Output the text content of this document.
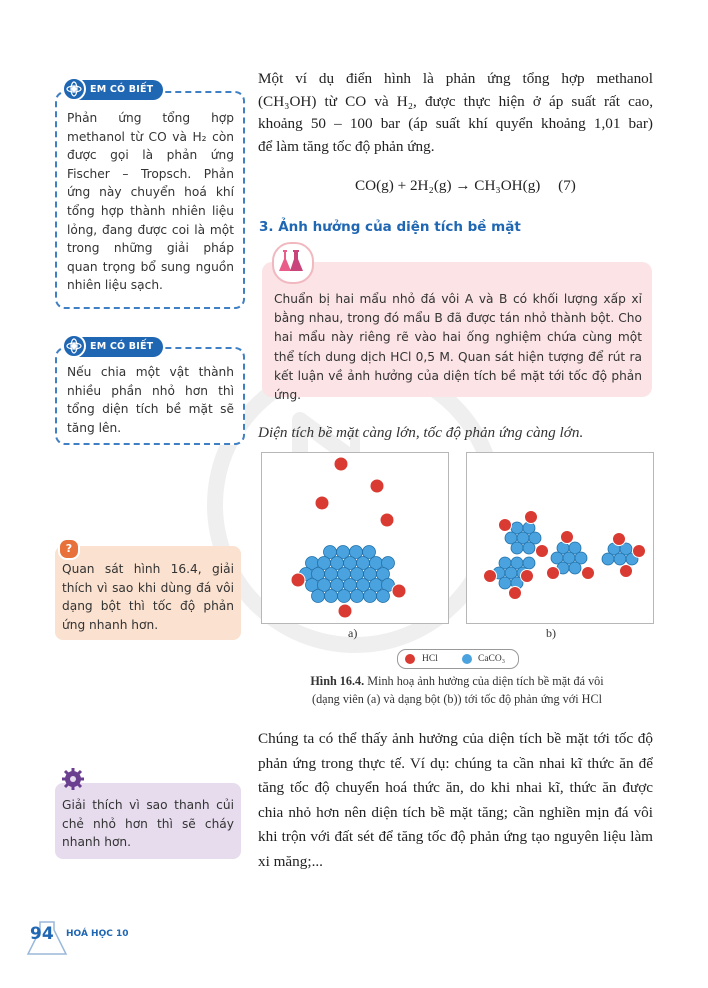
Phản ứng tổng hợp methanol từ CO và H₂ còn được gọi là phản ứng Fischer – Tropsch. Phản ứng này chuyển hoá khí tổng hợp thành nhiên liệu lỏng, đang được coi là một trong những giải pháp quan trọng bổ sung nguồn nhiên liệu sạch.
EM CÓ BIẾT
Nếu chia một vật thành nhiều phần nhỏ hơn thì tổng diện tích bề mặt sẽ tăng lên.
EM CÓ BIẾT
Quan sát hình 16.4, giải thích vì sao khi dùng đá vôi dạng bột thì tốc độ phản ứng nhanh hơn.
?
Giải thích vì sao thanh củi chẻ nhỏ hơn thì sẽ cháy nhanh hơn.
Một ví dụ điển hình là phản ứng tổng hợp methanol
(CH₃OH) từ CO và H₂, được thực hiện ở áp suất rất cao,
khoảng 50 – 100 bar (áp suất khí quyển khoảng 1,01 bar)
để làm tăng tốc độ phản ứng.
CO(g) + 2H₂(g) → CH₃OH(g) (7)
3. Ảnh hưởng của diện tích bề mặt
Chuẩn bị hai mẩu nhỏ đá vôi A và B có khối lượng xấp xỉ bằng nhau, trong đó mẩu B đã được tán nhỏ thành bột. Cho hai mẩu này riêng rẽ vào hai ống nghiệm chứa cùng một thể tích dung dịch HCl 0,5 M. Quan sát hiện tượng để rút ra kết luận về ảnh hưởng của diện tích bề mặt tới tốc độ phản ứng.
Diện tích bề mặt càng lớn, tốc độ phản ứng càng lớn.
a)	b)
HCl	CaCO₃
Hình 16.4. Minh hoạ ảnh hưởng của diện tích bề mặt đá vôi
(dạng viên (a) và dạng bột (b)) tới tốc độ phản ứng với HCl
Chúng ta có thể thấy ảnh hưởng của diện tích bề mặt tới tốc độ phản ứng trong thực tế. Ví dụ: chúng ta cần nhai kĩ thức ăn để tăng tốc độ chuyển hoá thức ăn, do khi nhai kĩ, thức ăn được chia nhỏ hơn nên diện tích bề mặt tăng; cần nghiền mịn đá vôi khi trộn với đất sét để tăng tốc độ phản ứng tạo nguyên liệu làm xi măng;...
94 HOÁ HỌC 10
